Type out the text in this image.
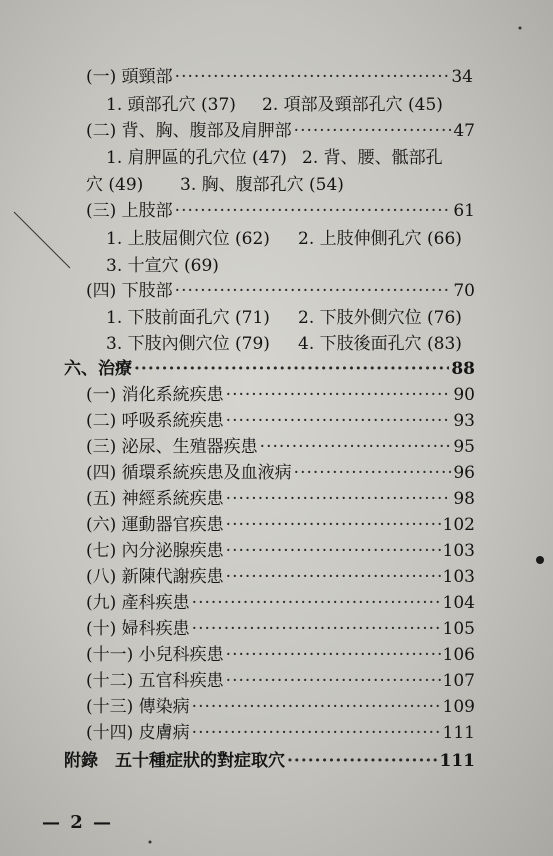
(一) 頭頸部 ·····	34
1. 頭部孔穴 (37) 2. 項部及頸部孔穴 (45)
(二) 背、胸、腹部及肩胛部 ·····	47
1. 肩胛區的孔穴位 (47) 2. 背、腰、骶部孔
穴 (49) 3. 胸、腹部孔穴 (54)
(三) 上肢部 ·····	61
1. 上肢屈側穴位 (62) 2. 上肢伸側孔穴 (66)
3. 十宣穴 (69)
(四) 下肢部 ·····	70
1. 下肢前面孔穴 (71) 2. 下肢外側穴位 (76)
3. 下肢內側穴位 (79) 4. 下肢後面孔穴 (83)
六、治療 ·····	88
(一) 消化系統疾患 ·····	90
(二) 呼吸系統疾患 ·····	93
(三) 泌尿、生殖器疾患 ·····	95
(四) 循環系統疾患及血液病 ·····	96
(五) 神經系統疾患 ·····	98
(六) 運動器官疾患 ·····	102
(七) 內分泌腺疾患 ·····	103
(八) 新陳代謝疾患 ·····	103
(九) 產科疾患 ·····	104
(十) 婦科疾患 ·····	105
(十一) 小兒科疾患 ·····	106
(十二) 五官科疾患 ·····	107
(十三) 傳染病 ·····	109
(十四) 皮膚病 ·····	111
附錄　五十種症狀的對症取穴 ·····	111
— 2 —
